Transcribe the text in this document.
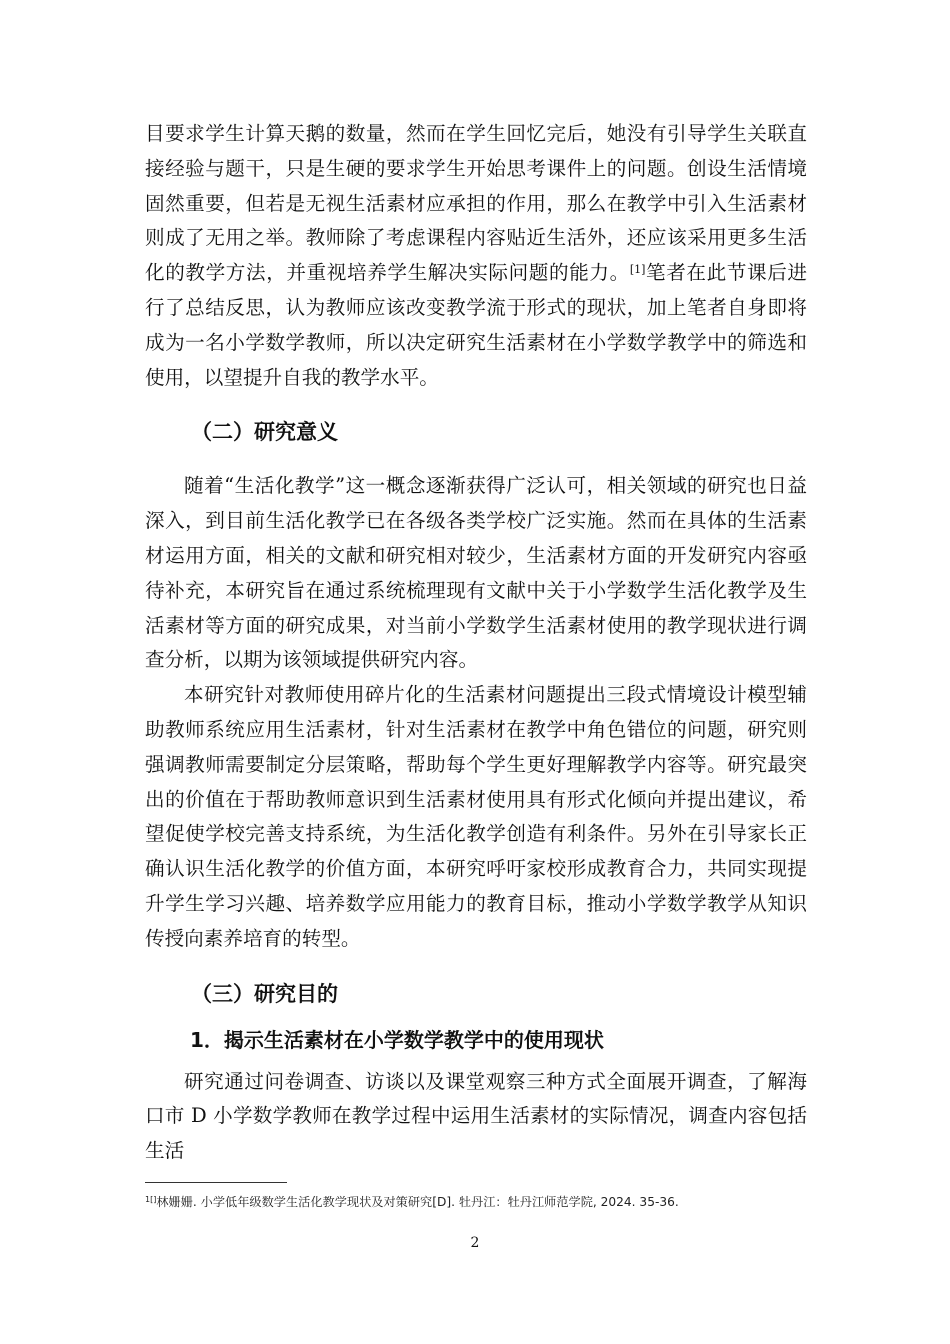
目要求学生计算天鹅的数量，然而在学生回忆完后，她没有引导学生关联直接经验与题干，只是生硬的要求学生开始思考课件上的问题。创设生活情境固然重要，但若是无视生活素材应承担的作用，那么在教学中引入生活素材则成了无用之举。教师除了考虑课程内容贴近生活外，还应该采用更多生活化的教学方法，并重视培养学生解决实际问题的能力。[1]笔者在此节课后进行了总结反思，认为教师应该改变教学流于形式的现状，加上笔者自身即将成为一名小学数学教师，所以决定研究生活素材在小学数学教学中的筛选和使用，以望提升自我的教学水平。

（二）研究意义

随着“生活化教学”这一概念逐渐获得广泛认可，相关领域的研究也日益深入，到目前生活化教学已在各级各类学校广泛实施。然而在具体的生活素材运用方面，相关的文献和研究相对较少，生活素材方面的开发研究内容亟待补充，本研究旨在通过系统梳理现有文献中关于小学数学生活化教学及生活素材等方面的研究成果，对当前小学数学生活素材使用的教学现状进行调查分析，以期为该领域提供研究内容。

本研究针对教师使用碎片化的生活素材问题提出三段式情境设计模型辅助教师系统应用生活素材，针对生活素材在教学中角色错位的问题，研究则强调教师需要制定分层策略，帮助每个学生更好理解教学内容等。研究最突出的价值在于帮助教师意识到生活素材使用具有形式化倾向并提出建议，希望促使学校完善支持系统，为生活化教学创造有利条件。另外在引导家长正确认识生活化教学的价值方面，本研究呼吁家校形成教育合力，共同实现提升学生学习兴趣、培养数学应用能力的教育目标，推动小学数学教学从知识传授向素养培育的转型。

（三）研究目的
1．揭示生活素材在小学数学教学中的使用现状

研究通过问卷调查、访谈以及课堂观察三种方式全面展开调查，了解海口市 D 小学数学教师在教学过程中运用生活素材的实际情况，调查内容包括生活

$^{1[]}$林姗姗. 小学低年级数学生活化教学现状及对策研究[D]. 牡丹江：牡丹江师范学院, 2024. 35-36.
2
